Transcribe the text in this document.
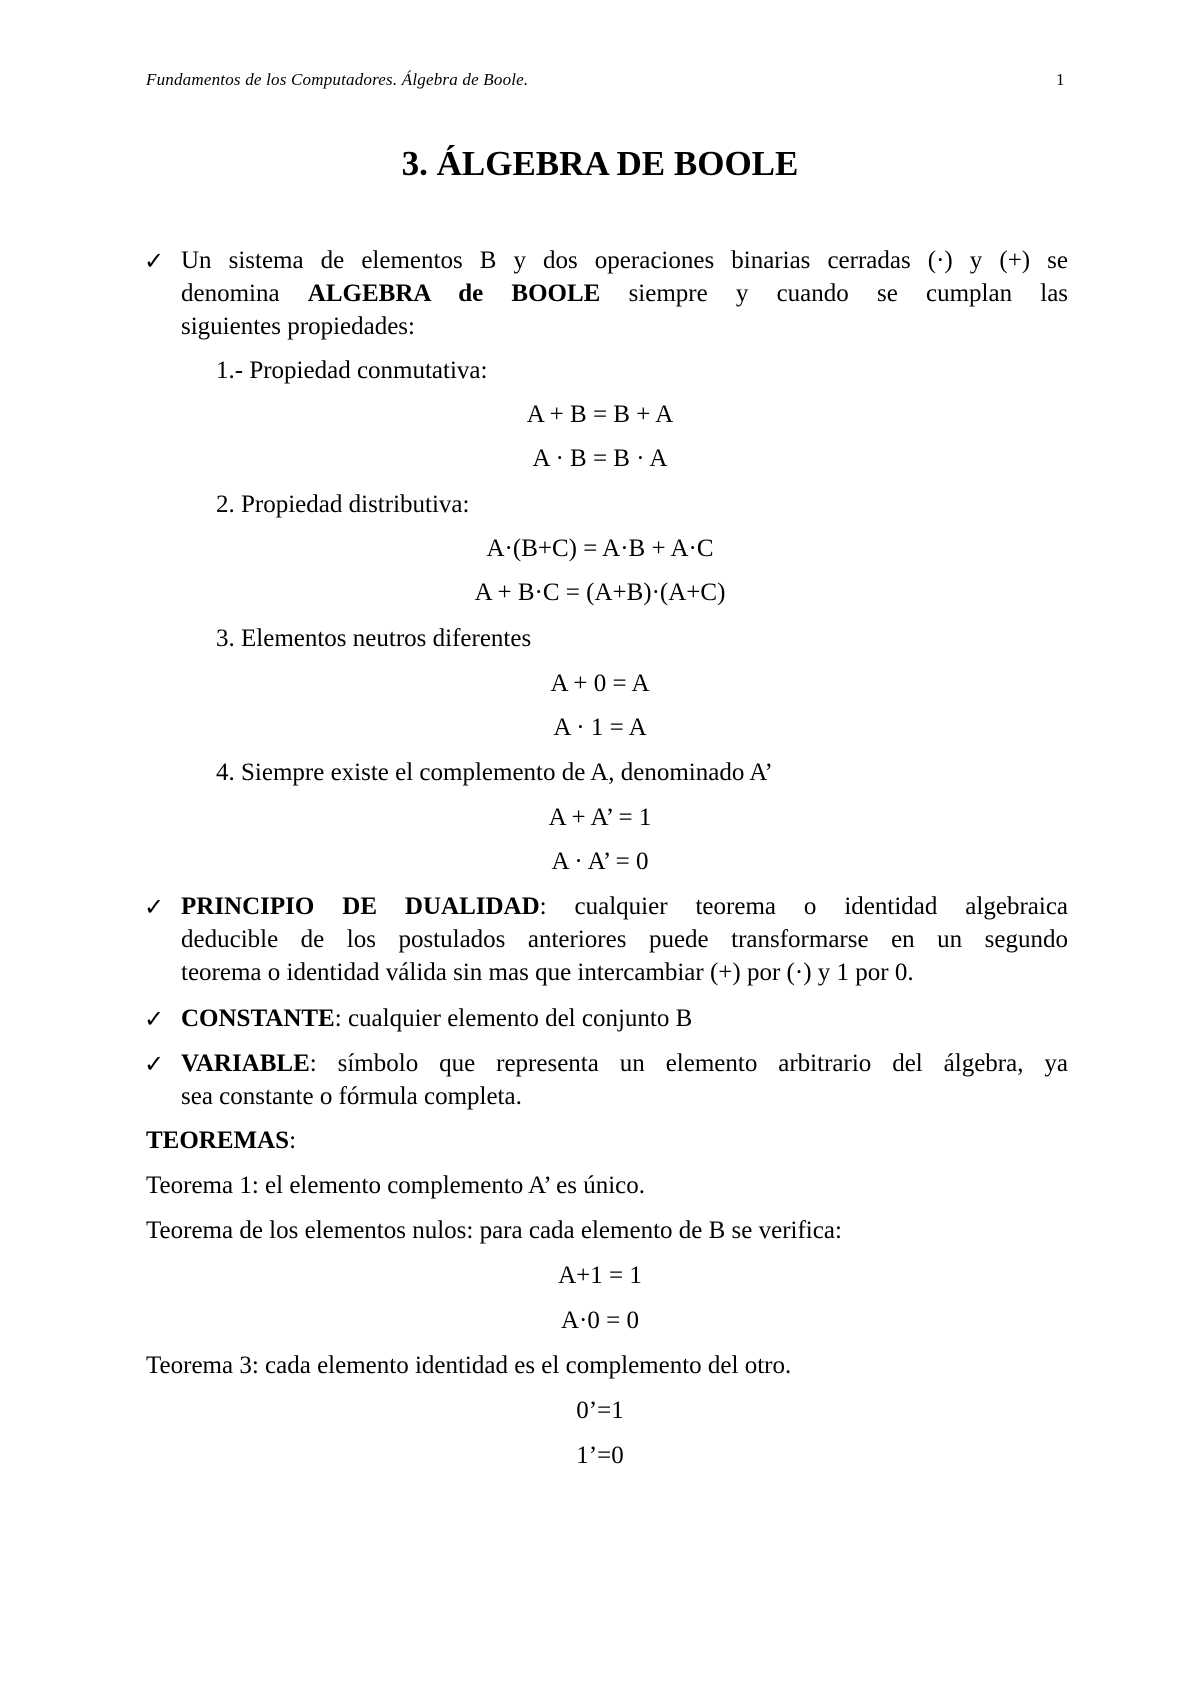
Fundamentos de los Computadores. Álgebra de Boole.	1
3. ÁLGEBRA DE BOOLE
✓ Un sistema de elementos B y dos operaciones binarias cerradas (·) y (+) se
denomina ALGEBRA de BOOLE siempre y cuando se cumplan las
siguientes propiedades:
1.- Propiedad conmutativa:
A + B = B + A
A · B = B · A
2. Propiedad distributiva:
A·(B+C) = A·B + A·C
A + B·C = (A+B)·(A+C)
3. Elementos neutros diferentes
A + 0 = A
A · 1 = A
4. Siempre existe el complemento de A, denominado A’
A + A’ = 1
A · A’ = 0
✓ PRINCIPIO DE DUALIDAD: cualquier teorema o identidad algebraica
deducible de los postulados anteriores puede transformarse en un segundo
teorema o identidad válida sin mas que intercambiar (+) por (·) y 1 por 0.
✓ CONSTANTE: cualquier elemento del conjunto B
✓ VARIABLE: símbolo que representa un elemento arbitrario del álgebra, ya
sea constante o fórmula completa.
TEOREMAS:
Teorema 1: el elemento complemento A’ es único.
Teorema de los elementos nulos: para cada elemento de B se verifica:
A+1 = 1
A·0 = 0
Teorema 3: cada elemento identidad es el complemento del otro.
0’=1
1’=0
